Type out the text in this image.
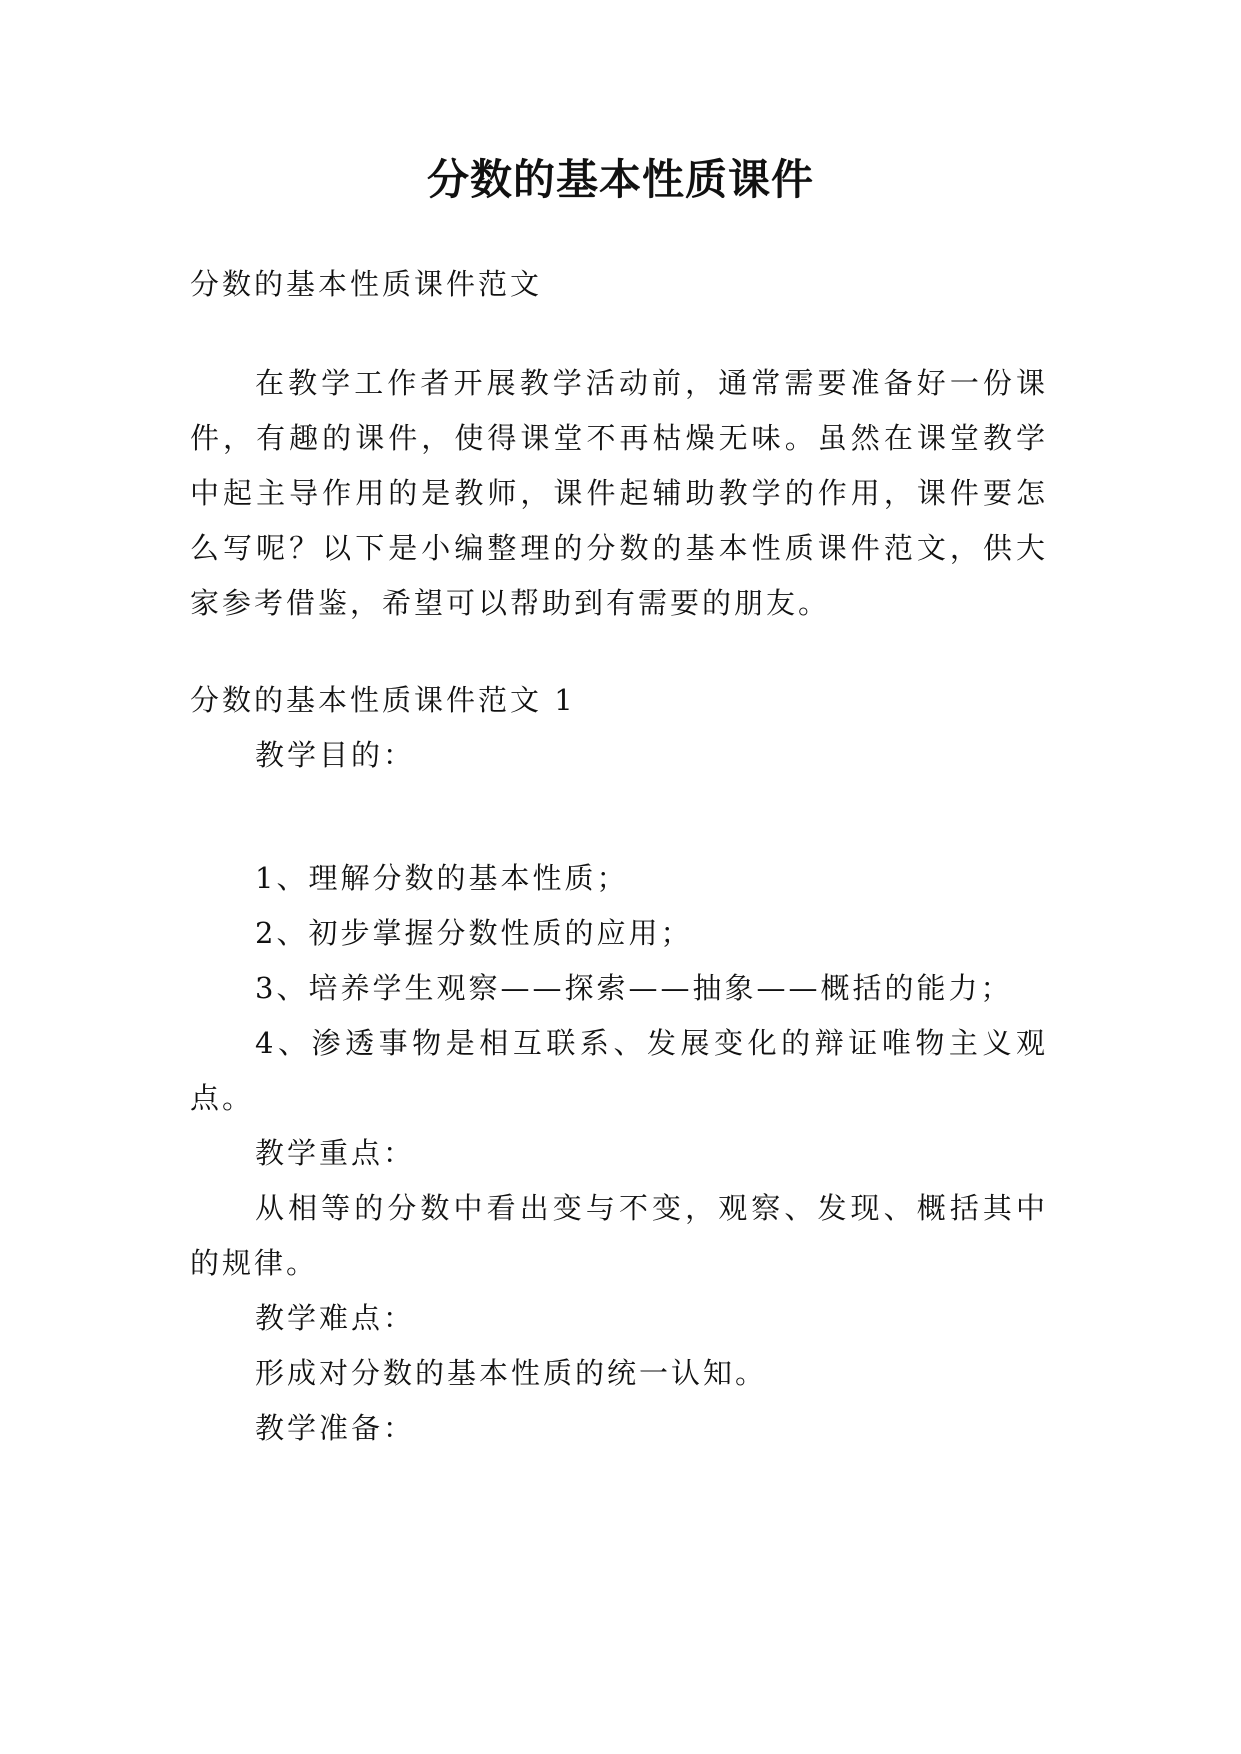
分数的基本性质课件
分数的基本性质课件范文
在教学工作者开展教学活动前，通常需要准备好一份课
件，有趣的课件，使得课堂不再枯燥无味。虽然在课堂教学
中起主导作用的是教师，课件起辅助教学的作用，课件要怎
么写呢？以下是小编整理的分数的基本性质课件范文，供大
家参考借鉴，希望可以帮助到有需要的朋友。
分数的基本性质课件范文 1
教学目的：
1、理解分数的基本性质；
2、初步掌握分数性质的应用；
3、培养学生观察——探索——抽象——概括的能力；
4、渗透事物是相互联系、发展变化的辩证唯物主义观
点。
教学重点：
从相等的分数中看出变与不变，观察、发现、概括其中
的规律。
教学难点：
形成对分数的基本性质的统一认知。
教学准备：
